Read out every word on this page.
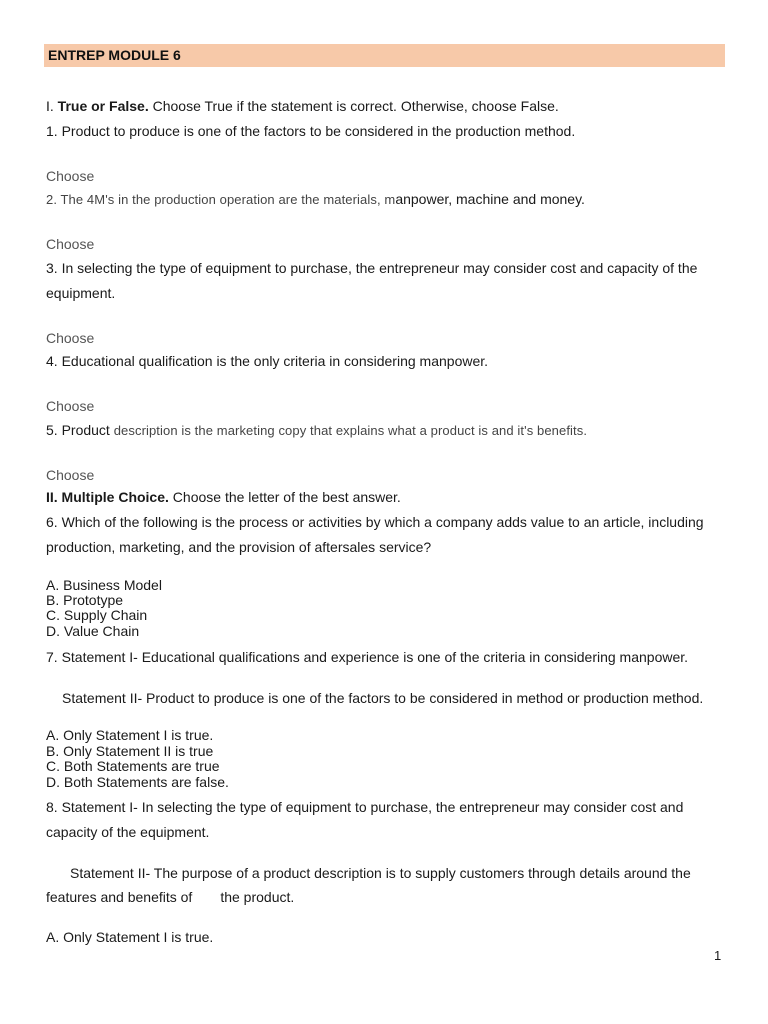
ENTREP MODULE 6
I. True or False. Choose True if the statement is correct. Otherwise, choose False.
1. Product to produce is one of the factors to be considered in the production method.
Choose
2. The 4M's in the production operation are the materials, manpower, machine and money.
Choose
3. In selecting the type of equipment to purchase, the entrepreneur may consider cost and capacity of the
equipment.
Choose
4. Educational qualification is the only criteria in considering manpower.
Choose
5. Product description is the marketing copy that explains what a product is and it's benefits.
Choose
II. Multiple Choice. Choose the letter of the best answer.
6. Which of the following is the process or activities by which a company adds value to an article, including
production, marketing, and the provision of aftersales service?
A. Business Model
B. Prototype
C. Supply Chain
D. Value Chain
7. Statement I- Educational qualifications and experience is one of the criteria in considering manpower.
Statement II- Product to produce is one of the factors to be considered in method or production method.
A. Only Statement I is true.
B. Only Statement II is true
C. Both Statements are true
D. Both Statements are false.
8. Statement I- In selecting the type of equipment to purchase, the entrepreneur may consider cost and
capacity of the equipment.
Statement II- The purpose of a product description is to supply customers through details around the
features and benefits of the product.
A. Only Statement I is true.
1
